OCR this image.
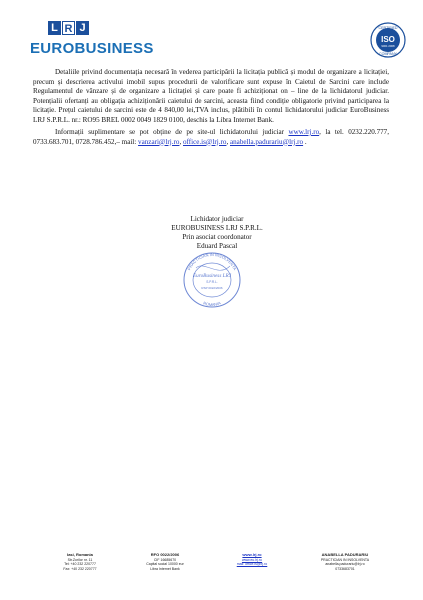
L R J
EUROBUSINESS
CERTIFIED
ISO
9001:2008
COMPANY
Detaliile privind documentația necesară în vederea participării la licitația publică și modul de organizare a licitației, precum și descrierea activului imobil supus procedurii de valorificare sunt expuse în Caietul de Sarcini care include Regulamentul de vânzare și de organizare a licitației și care poate fi achiziționat on – line de la lichidatorul judiciar. Potențialii ofertanți au obligația achiziționării caietului de sarcini, aceasta fiind condiție obligatorie privind participarea la licitație. Prețul caietului de sarcini este de 4 840,00 lei,TVA inclus, plătibili în contul lichidatorului judiciar EuroBusiness LRJ S.P.R.L. nr.: RO95 BREL 0002 0049 1829 0100, deschis la Libra Internet Bank.
Informații suplimentare se pot obține de pe site-ul lichidatorului judiciar www.lrj.ro, la tel. 0232.220.777, 0733.683.701, 0728.786.452,– mail: vanzari@lrj.ro, office.is@lrj.ro, anabella.padurariu@lrj.ro .
Lichidator judiciar
EUROBUSINESS LRJ S.P.R.L.
Prin asociat coordonator
Eduard Pascal
PRACTICIAN IN INSOLVENTA
ROMANIA
EuroBusiness LRJ
S.P.R.L.
RSP 0022/2006
Iasi, Romania
Str.Zorilor nr. 11
Tel: +40 232 220777
Fax: +40 232 220777
RFO 0022/2006
CIF 16685670
Capital social 10000 eur
Libra Internet Bank
www.lrj.ro
www.eu.lrj.ro
mail: office.is@lrj.ro
ANABELLA PADURARIU
PRACTICIAN IN INSOLVENTA
anabella.padurariu@lrj.ro
0733683701
